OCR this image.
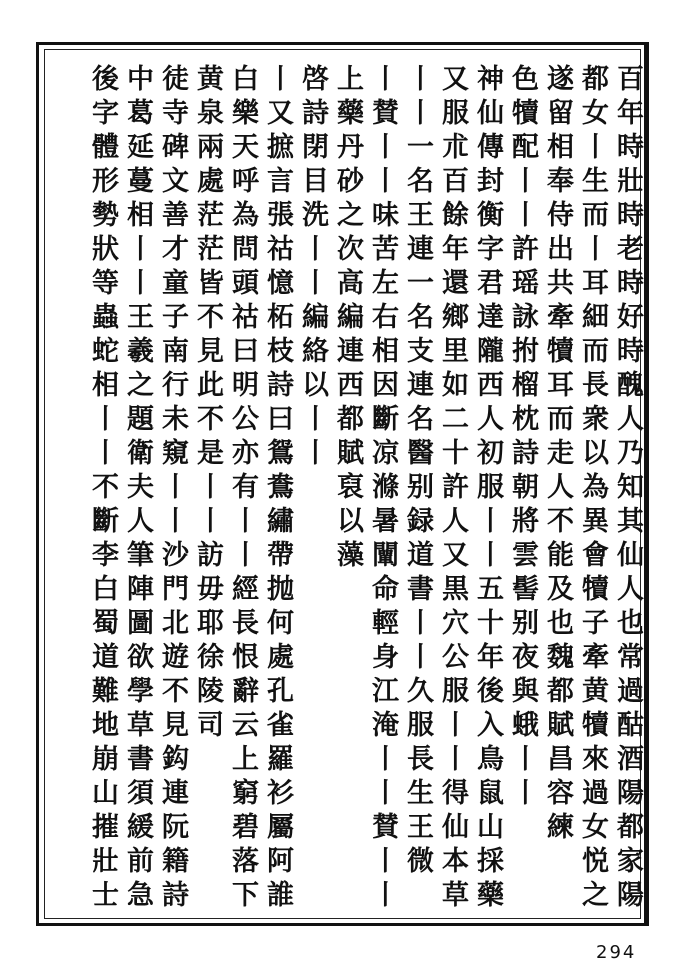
百年時壯時老時好時醜人乃知其仙人也常過酤酒陽都家陽
都女丨生而丨耳細而長衆以為異會犢子牽黄犢來過女悦之
遂留相奉侍出共牽犢耳而走人不能及也魏都賦昌容練
色犢配丨丨許瑶詠拊榴枕詩朝將雲髻别夜與蛾丨丨
神仙傳封衡字君達隴西人初服丨丨五十年後入鳥鼠山採藥
又服朮百餘年還鄉里如二十許人又黒穴公服丨丨得仙本草
丨丨一名王連一名支連名醫别録道書丨丨久服長生王微
丨賛丨丨味苦左右相因斷凉滌暑闡命輕身江淹丨丨賛丨丨
上藥丹砂之次高編連西都賦裒以藻
啓詩閉目洗丨丨編絡以丨丨
丨又摭言張祜憶柘枝詩曰鴛鴦繡帶抛何處孔雀羅衫屬阿誰
白樂天呼為問頭祜曰明公亦有丨丨經長恨辭云上窮碧落下
黄泉兩處茫茫皆不見此不是丨丨訪毋耶徐陵司
徒寺碑文善才童子南行未窺丨丨沙門北遊不見鈎連阮籍詩
中葛延蔓相丨丨王羲之題衛夫人筆陣圖欲學草書須緩前急
後字體形勢狀等蟲蛇相丨丨不斷李白蜀道難地崩山摧壯士
294
